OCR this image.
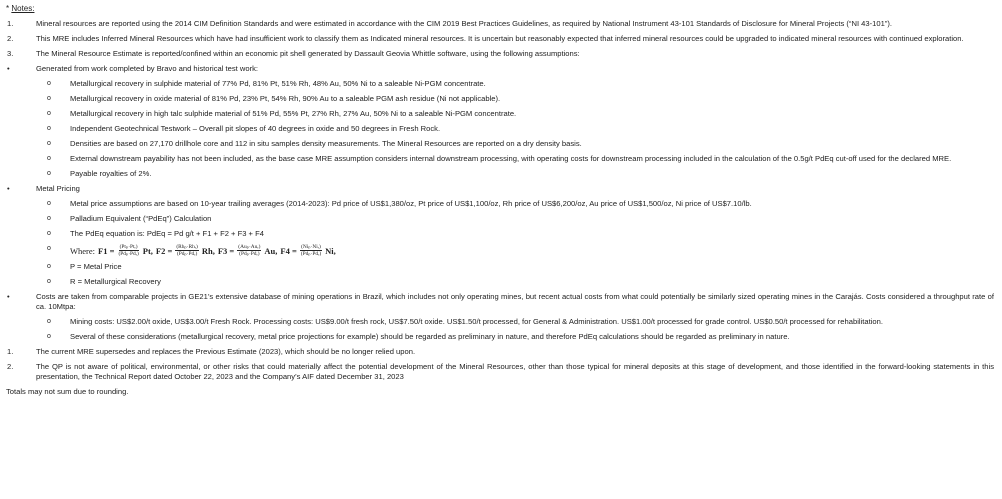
* Notes:
1.	Mineral resources are reported using the 2014 CIM Definition Standards and were estimated in accordance with the CIM 2019 Best Practices Guidelines, as required by National Instrument 43-101 Standards of Disclosure for Mineral Projects (“NI 43-101”).
2.	This MRE includes Inferred Mineral Resources which have had insufficient work to classify them as Indicated mineral resources. It is uncertain but reasonably expected that inferred mineral resources could be upgraded to indicated mineral resources with continued exploration.
3.	The Mineral Resource Estimate is reported/confined within an economic pit shell generated by Dassault Geovia Whittle software, using the following assumptions:
•	Generated from work completed by Bravo and historical test work:
o	Metallurgical recovery in sulphide material of 77% Pd, 81% Pt, 51% Rh, 48% Au, 50% Ni to a saleable Ni-PGM concentrate.
o	Metallurgical recovery in oxide material of 81% Pd, 23% Pt, 54% Rh, 90% Au to a saleable PGM ash residue (Ni not applicable).
o	Metallurgical recovery in high talc sulphide material of 51% Pd, 55% Pt, 27% Rh, 27% Au, 50% Ni to a saleable Ni-PGM concentrate.
o	Independent Geotechnical Testwork – Overall pit slopes of 40 degrees in oxide and 50 degrees in Fresh Rock.
o	Densities are based on 27,170 drillhole core and 112 in situ samples density measurements. The Mineral Resources are reported on a dry density basis.
o	External downstream payability has not been included, as the base case MRE assumption considers internal downstream processing, with operating costs for downstream processing included in the calculation of the 0.5g/t PdEq cut-off used for the declared MRE.
o	Payable royalties of 2%.
•	Metal Pricing
o	Metal price assumptions are based on 10-year trailing averages (2014-2023): Pd price of US$1,380/oz, Pt price of US$1,100/oz, Rh price of US$6,200/oz, Au price of US$1,500/oz, Ni price of US$7.10/lb.
o	Palladium Equivalent (“PdEq”) Calculation
o	The PdEq equation is: PdEq = Pd g/t + F1 + F2 + F3 + F4
o Where: $F1 = \frac{\text{(Ptₚ·Ptᵣ)}}{\text{(Pdₚ·Pdᵣ)}} Pt$, $F2 = \frac{\text{(Rhₚ·Rhᵣ)}}{\text{(Pdₚ·Pdᵣ)}} Rh$, $F3 = \frac{\text{(Auₚ·Auᵣ)}}{\text{(Pdₚ·Pdᵣ)}} Au$, $F4 = \frac{\text{(Niₚ·Niᵣ)}}{\text{(Pdₚ·Pdᵣ)}} Ni$,
o	P = Metal Price
o	R = Metallurgical Recovery
•	Costs are taken from comparable projects in GE21’s extensive database of mining operations in Brazil, which includes not only operating mines, but recent actual costs from what could potentially be similarly sized operating mines in the Carajás. Costs considered a throughput rate of ca. 10Mtpa:
o	Mining costs: US$2.00/t oxide, US$3.00/t Fresh Rock. Processing costs: US$9.00/t fresh rock, US$7.50/t oxide. US$1.50/t processed, for General & Administration. US$1.00/t processed for grade control. US$0.50/t processed for rehabilitation.
o	Several of these considerations (metallurgical recovery, metal price projections for example) should be regarded as preliminary in nature, and therefore PdEq calculations should be regarded as preliminary in nature.
1.	The current MRE supersedes and replaces the Previous Estimate (2023), which should be no longer relied upon.
2.	The QP is not aware of political, environmental, or other risks that could materially affect the potential development of the Mineral Resources, other than those typical for mineral deposits at this stage of development, and those identified in the forward-looking statements in this presentation, the Technical Report dated October 22, 2023 and the Company’s AIF dated December 31, 2023
Totals may not sum due to rounding.
